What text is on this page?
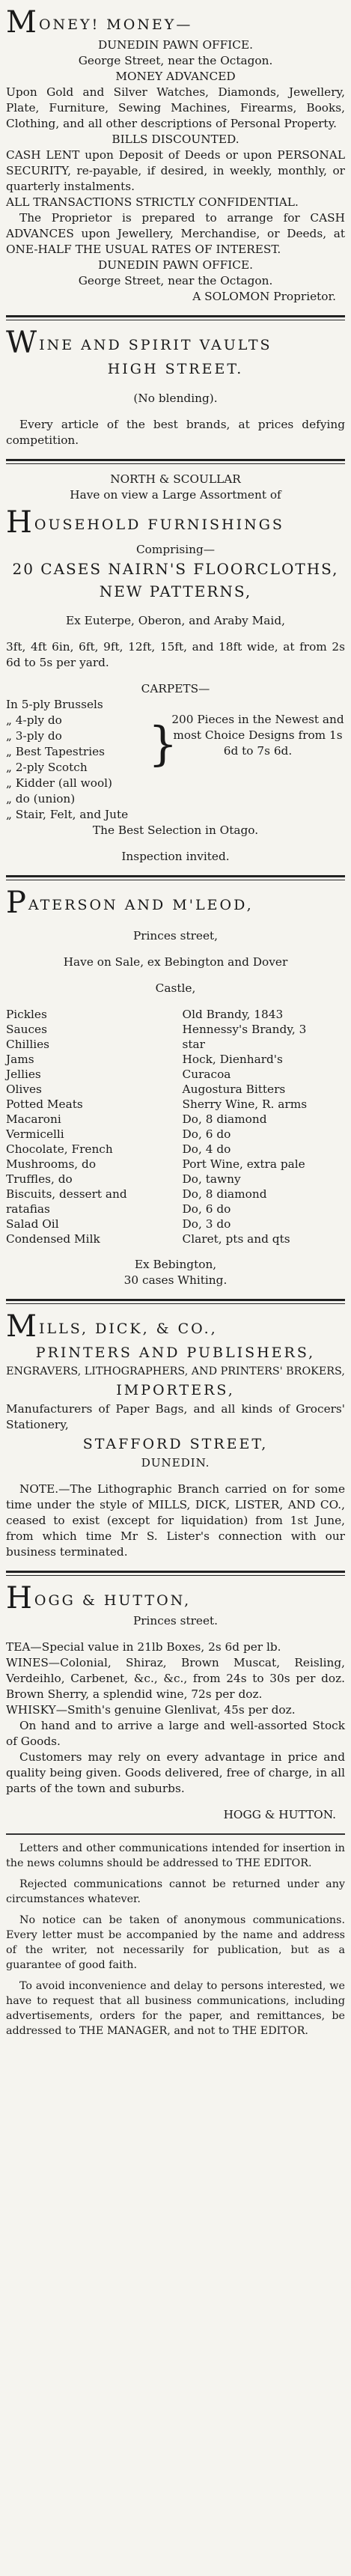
MONEY! MONEY—
DUNEDIN PAWN OFFICE.
George Street, near the Octagon.
MONEY ADVANCED
Upon Gold and Silver Watches, Diamonds, Jewellery, Plate, Furniture, Sewing Machines, Firearms, Books, Clothing, and all other descriptions of Personal Property.
BILLS DISCOUNTED.
CASH LENT upon Deposit of Deeds or upon PERSONAL SECURITY, re-payable, if desired, in weekly, monthly, or quarterly instalments.
ALL TRANSACTIONS STRICTLY CONFIDENTIAL.
The Proprietor is prepared to arrange for CASH ADVANCES upon Jewellery, Merchandise, or Deeds, at ONE-HALF THE USUAL RATES OF INTEREST.
DUNEDIN PAWN OFFICE.
George Street, near the Octagon.
A SOLOMON Proprietor.
WINE AND SPIRIT VAULTS
HIGH STREET.
(No blending).
Every article of the best brands, at prices defying competition.
NORTH & SCOULLAR
Have on view a Large Assortment of
HOUSEHOLD FURNISHINGS
Comprising—
20 CASES NAIRN'S FLOORCLOTHS,
NEW PATTERNS,
Ex Euterpe, Oberon, and Araby Maid,
3ft, 4ft 6in, 6ft, 9ft, 12ft, 15ft, and 18ft wide, at from 2s 6d to 5s per yard.
CARPETS—
In 5-ply Brussels
„ 4-ply do
„ 3-ply do
„ Best Tapestries
„ 2-ply Scotch
„ Kidder (all wool)
„ do (union)
„ Stair, Felt, and Jute
}
200 Pieces in the Newest and most Choice Designs from 1s 6d to 7s 6d.
The Best Selection in Otago.
Inspection invited.
PATERSON AND M'LEOD,
Princes street,
Have on Sale, ex Bebington and Dover
Castle,
Pickles	Old Brandy, 1843
Sauces	Hennessy's Brandy, 3
Chillies	star
Jams	Hock, Dienhard's
Jellies	Curacoa
Olives	Augostura Bitters
Potted Meats	Sherry Wine, R. arms
Macaroni	Do, 8 diamond
Vermicelli	Do, 6 do
Chocolate, French	Do, 4 do
Mushrooms, do	Port Wine, extra pale
Truffles, do	Do, tawny
Biscuits, dessert and	Do, 8 diamond
ratafias	Do, 6 do
Salad Oil	Do, 3 do
Condensed Milk	Claret, pts and qts
Ex Bebington,
30 cases Whiting.
MILLS, DICK, & CO.,
PRINTERS AND PUBLISHERS,
ENGRAVERS, LITHOGRAPHERS, AND PRINTERS' BROKERS,
IMPORTERS,
Manufacturers of Paper Bags, and all kinds of Grocers' Stationery,
STAFFORD STREET,
DUNEDIN.
NOTE.—The Lithographic Branch carried on for some time under the style of MILLS, DICK, LISTER, AND CO., ceased to exist (except for liquidation) from 1st June, from which time Mr S. Lister's connection with our business terminated.
HOGG & HUTTON,
Princes street.
TEA—Special value in 21lb Boxes, 2s 6d per lb.
WINES—Colonial, Shiraz, Brown Muscat, Reisling, Verdeihlo, Carbenet, &c., &c., from 24s to 30s per doz. Brown Sherry, a splendid wine, 72s per doz.
WHISKY—Smith's genuine Glenlivat, 45s per doz.
On hand and to arrive a large and well-assorted Stock of Goods.
Customers may rely on every advantage in price and quality being given. Goods delivered, free of charge, in all parts of the town and suburbs.
HOGG & HUTTON.
Letters and other communications intended for insertion in the news columns should be addressed to THE EDITOR.
Rejected communications cannot be returned under any circumstances whatever.
No notice can be taken of anonymous communications. Every letter must be accompanied by the name and address of the writer, not necessarily for publication, but as a guarantee of good faith.
To avoid inconvenience and delay to persons interested, we have to request that all business communications, including advertisements, orders for the paper, and remittances, be addressed to THE MANAGER, and not to THE EDITOR.
